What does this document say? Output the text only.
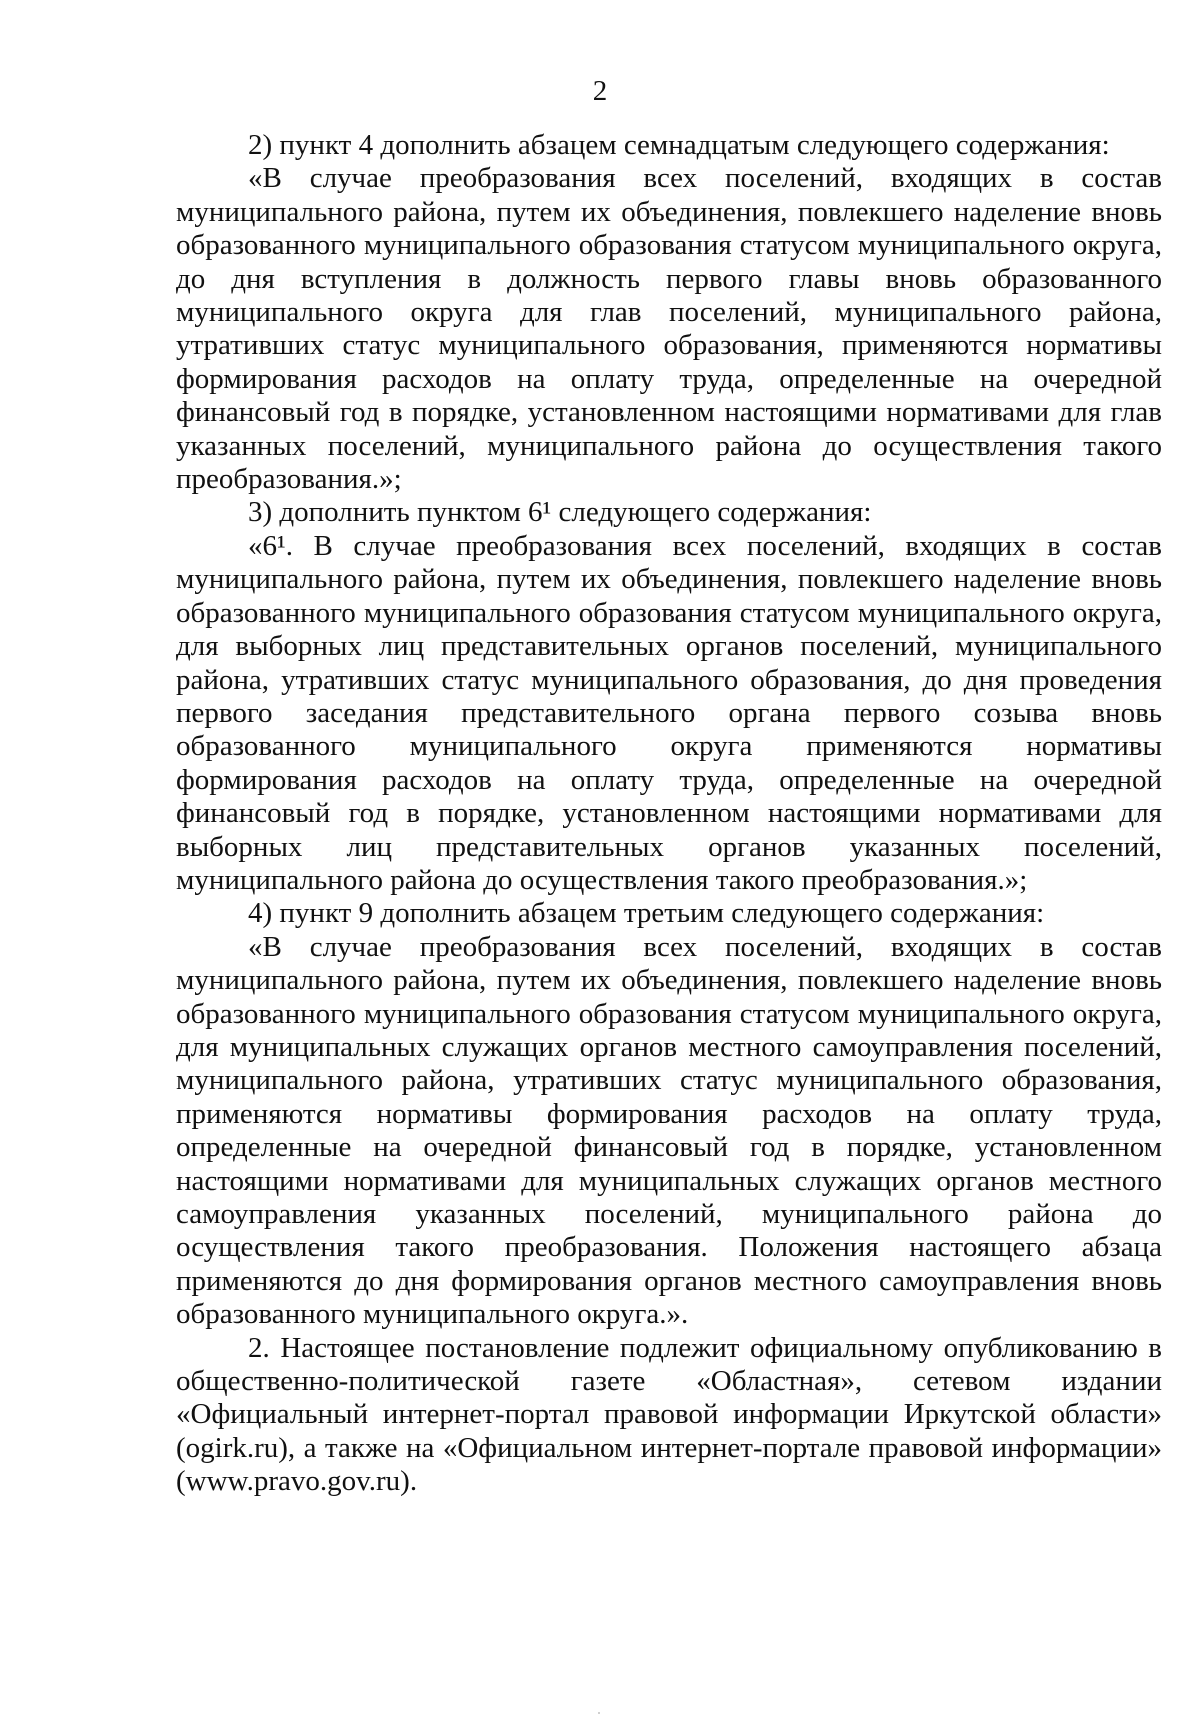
2

2) пункт 4 дополнить абзацем семнадцатым следующего содержания:

«В случае преобразования всех поселений, входящих в состав муниципального района, путем их объединения, повлекшего наделение вновь образованного муниципального образования статусом муниципального округа, до дня вступления в должность первого главы вновь образованного муниципального округа для глав поселений, муниципального района, утративших статус муниципального образования, применяются нормативы формирования расходов на оплату труда, определенные на очередной финансовый год в порядке, установленном настоящими нормативами для глав указанных поселений, муниципального района до осуществления такого преобразования.»;

3) дополнить пунктом 6¹ следующего содержания:

«6¹. В случае преобразования всех поселений, входящих в состав муниципального района, путем их объединения, повлекшего наделение вновь образованного муниципального образования статусом муниципального округа, для выборных лиц представительных органов поселений, муниципального района, утративших статус муниципального образования, до дня проведения первого заседания представительного органа первого созыва вновь образованного муниципального округа применяются нормативы формирования расходов на оплату труда, определенные на очередной финансовый год в порядке, установленном настоящими нормативами для выборных лиц представительных органов указанных поселений, муниципального района до осуществления такого преобразования.»;

4) пункт 9 дополнить абзацем третьим следующего содержания:

«В случае преобразования всех поселений, входящих в состав муниципального района, путем их объединения, повлекшего наделение вновь образованного муниципального образования статусом муниципального округа, для муниципальных служащих органов местного самоуправления поселений, муниципального района, утративших статус муниципального образования, применяются нормативы формирования расходов на оплату труда, определенные на очередной финансовый год в порядке, установленном настоящими нормативами для муниципальных служащих органов местного самоуправления указанных поселений, муниципального района до осуществления такого преобразования. Положения настоящего абзаца применяются до дня формирования органов местного самоуправления вновь образованного муниципального округа.».

2. Настоящее постановление подлежит официальному опубликованию в общественно-политической газете «Областная», сетевом издании «Официальный интернет-портал правовой информации Иркутской области» (ogirk.ru), а также на «Официальном интернет-портале правовой информации» (www.pravo.gov.ru).
